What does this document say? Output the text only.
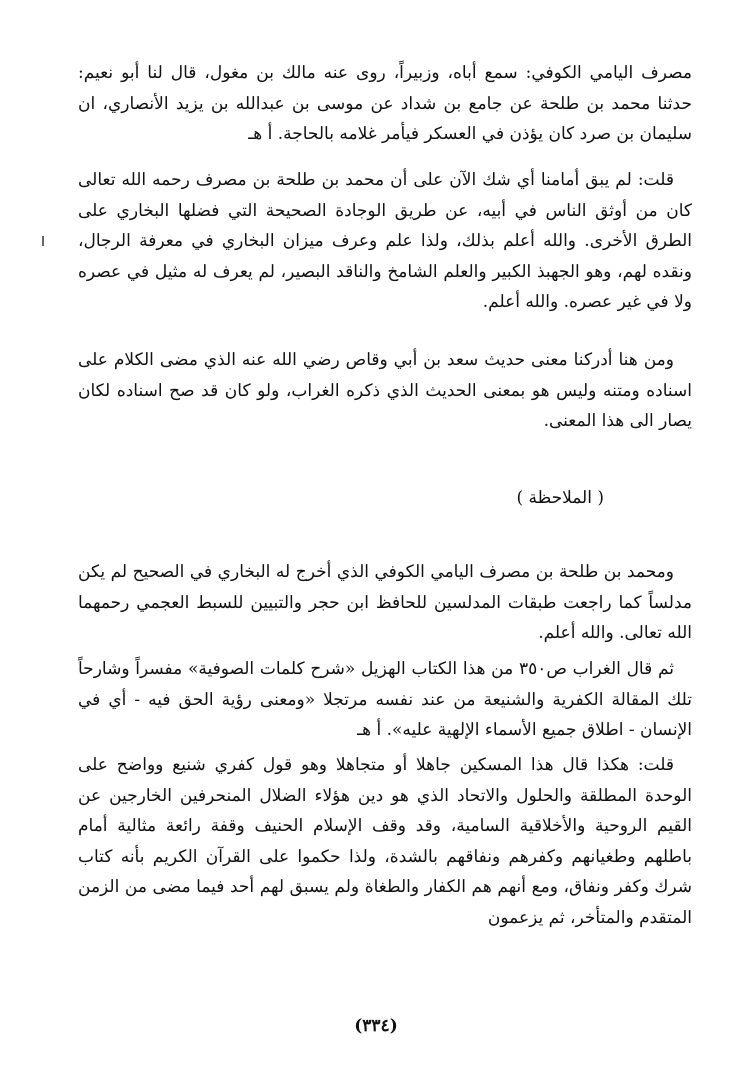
مصرف اليامي الكوفي: سمع أباه، وزبيراً، روى عنه مالك بن مغول، قال لنا أبو نعيم: حدثنا محمد بن طلحة عن جامع بن شداد عن موسى بن عبدالله بن يزيد الأنصاري، ان سليمان بن صرد كان يؤذن في العسكر فيأمر غلامه بالحاجة. أ هـ

قلت: لم يبق أمامنا أي شك الآن على أن محمد بن طلحة بن مصرف رحمه الله تعالى كان من أوثق الناس في أبيه، عن طريق الوجادة الصحيحة التي فضلها البخاري على الطرق الأخرى. والله أعلم بذلك، ولذا علم وعرف ميزان البخاري في معرفة الرجال، ونقده لهم، وهو الجهبذ الكبير والعلم الشامخ والناقد البصير، لم يعرف له مثيل في عصره ولا في غير عصره. والله أعلم.

ومن هنا أدركنا معنى حديث سعد بن أبي وقاص رضي الله عنه الذي مضى الكلام على اسناده ومتنه وليس هو بمعنى الحديث الذي ذكره الغراب، ولو كان قد صح اسناده لكان يصار الى هذا المعنى.

( الملاحظة )

ومحمد بن طلحة بن مصرف اليامي الكوفي الذي أخرج له البخاري في الصحيح لم يكن مدلساً كما راجعت طبقات المدلسين للحافظ ابن حجر والتبيين للسبط العجمي رحمهما الله تعالى. والله أعلم.

ثم قال الغراب ص٣٥٠ من هذا الكتاب الهزيل «شرح كلمات الصوفية» مفسراً وشارحاً تلك المقالة الكفرية والشنيعة من عند نفسه مرتجلا «ومعنى رؤية الحق فيه - أي في الإنسان - اطلاق جميع الأسماء الإلهية عليه». أ هـ

قلت: هكذا قال هذا المسكين جاهلا أو متجاهلا وهو قول كفري شنيع وواضح على الوحدة المطلقة والحلول والاتحاد الذي هو دين هؤلاء الضلال المنحرفين الخارجين عن القيم الروحية والأخلاقية السامية، وقد وقف الإسلام الحنيف وقفة رائعة مثالية أمام باطلهم وطغيانهم وكفرهم ونفاقهم بالشدة، ولذا حكموا على القرآن الكريم بأنه كتاب شرك وكفر ونفاق، ومع أنهم هم الكفار والطغاة ولم يسبق لهم أحد فيما مضى من الزمن المتقدم والمتأخر، ثم يزعمون

(٣٣٤)
